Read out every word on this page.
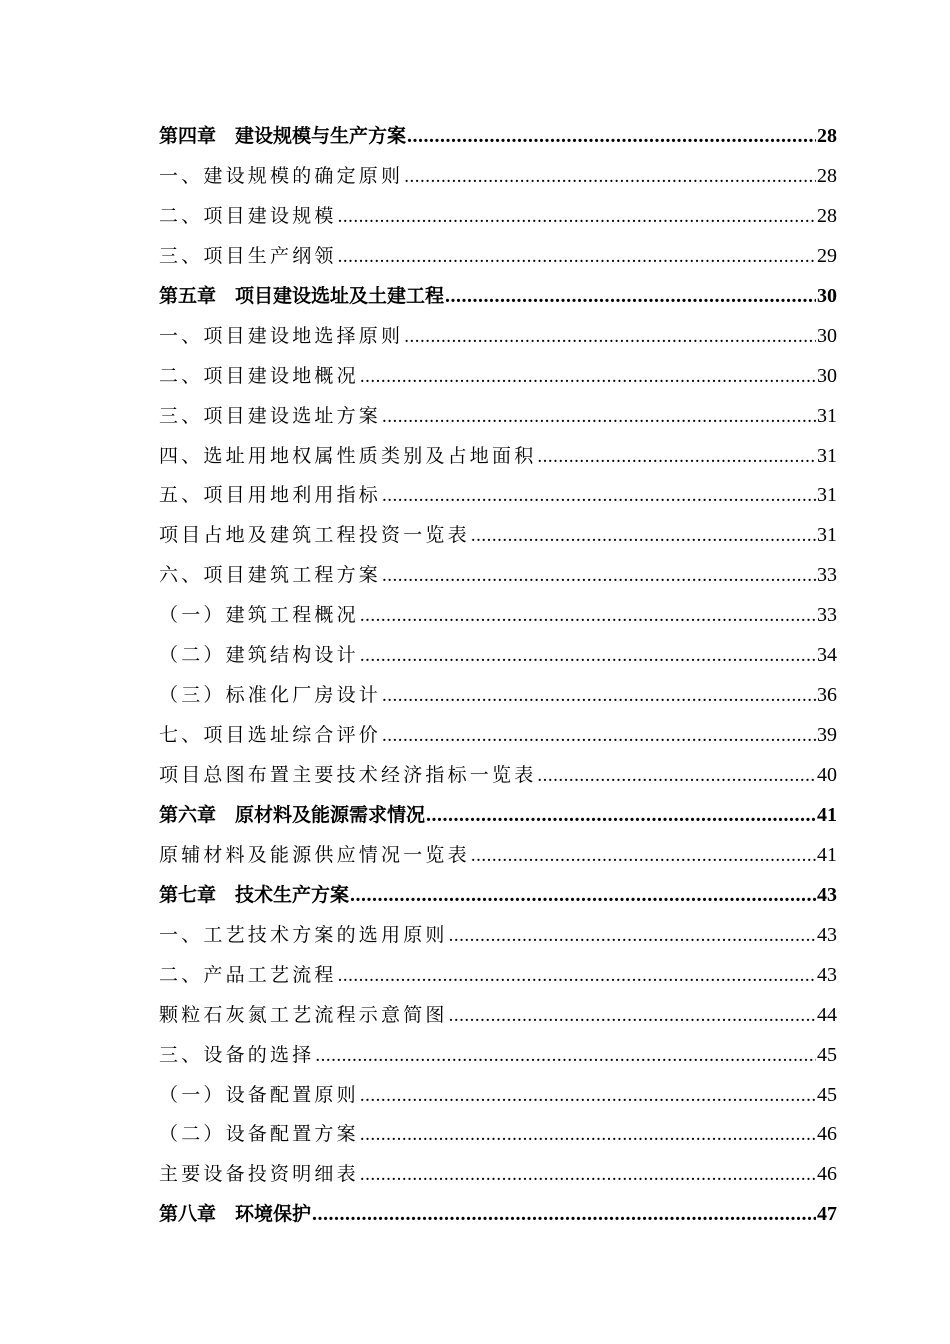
第四章　建设规模与生产方案 .....	28
一、建设规模的确定原则 .....	28
二、项目建设规模 .....	28
三、项目生产纲领 .....	29
第五章　项目建设选址及土建工程 .....	30
一、项目建设地选择原则 .....	30
二、项目建设地概况 .....	30
三、项目建设选址方案 .....	31
四、选址用地权属性质类别及占地面积 .....	31
五、项目用地利用指标 .....	31
项目占地及建筑工程投资一览表 .....	31
六、项目建筑工程方案 .....	33
（一）建筑工程概况 .....	33
（二）建筑结构设计 .....	34
（三）标准化厂房设计 .....	36
七、项目选址综合评价 .....	39
项目总图布置主要技术经济指标一览表 .....	40
第六章　原材料及能源需求情况 .....	41
原辅材料及能源供应情况一览表 .....	41
第七章　技术生产方案 .....	43
一、工艺技术方案的选用原则 .....	43
二、产品工艺流程 .....	43
颗粒石灰氮工艺流程示意简图 .....	44
三、设备的选择 .....	45
（一）设备配置原则 .....	45
（二）设备配置方案 .....	46
主要设备投资明细表 .....	46
第八章　环境保护 .....	47
